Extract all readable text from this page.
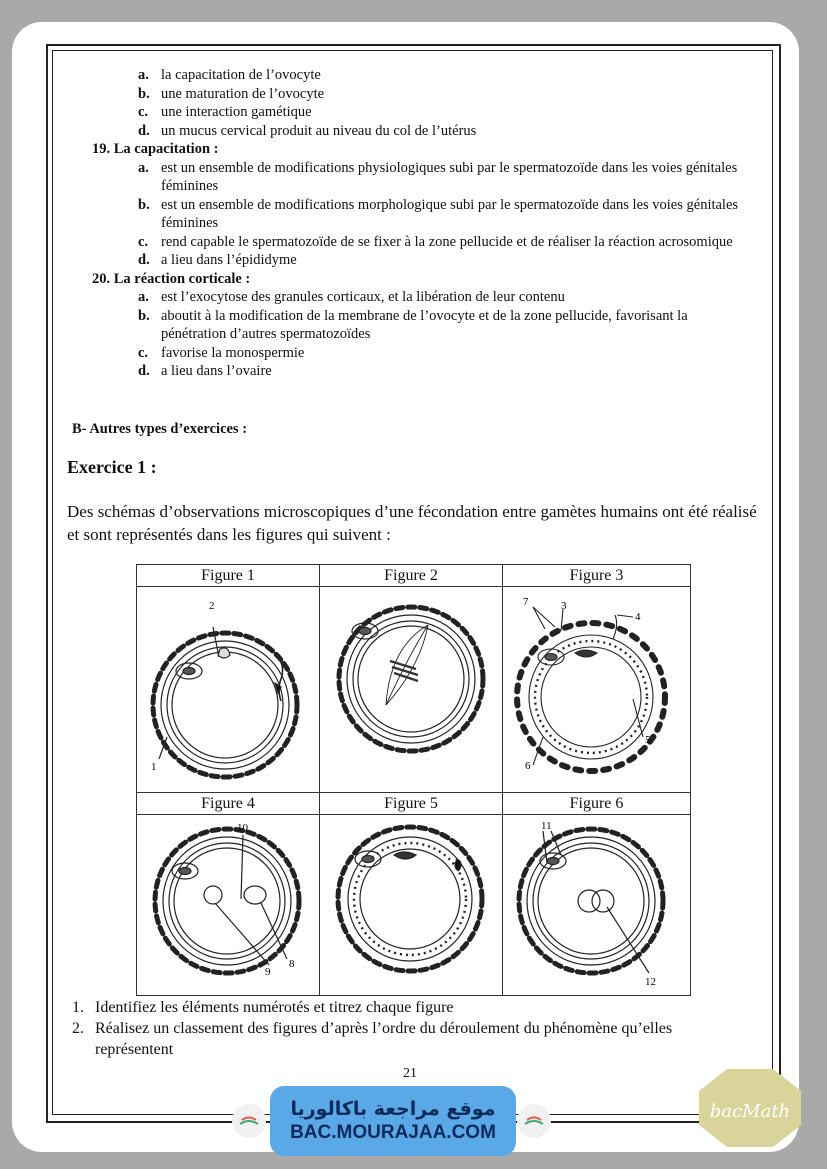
a. la capacitation de l’ovocyte
b. une maturation de l’ovocyte
c. une interaction gamétique
d. un mucus cervical produit au niveau du col de l’utérus
19. La capacitation :
a. est un ensemble de modifications physiologiques subi par le spermatozoïde dans les voies génitales féminines
b. est un ensemble de modifications morphologique subi par le spermatozoïde dans les voies génitales féminines
c. rend capable le spermatozoïde de se fixer à la zone pellucide et de réaliser la réaction acrosomique
d. a lieu dans l’épididyme
20. La réaction corticale :
a. est l’exocytose des granules corticaux, et la libération de leur contenu
b. aboutit à la modification de la membrane de l’ovocyte et de la zone pellucide, favorisant la pénétration d’autres spermatozoïdes
c. favorise la monospermie
d. a lieu dans l’ovaire
B- Autres types d’exercices :
Exercice 1 :
Des schémas d’observations microscopiques d’une fécondation entre gamètes humains ont été réalisé et sont représentés dans les figures qui suivent :
Figure 1	Figure 2	Figure 3

2
1		7 3
4
5
6

Figure 4	Figure 5	Figure 6

10
9
8		11
12
1. Identifiez les éléments numérotés et titrez chaque figure
2. Réalisez un classement des figures d’après l’ordre du déroulement du phénomène qu’elles représentent
21
موقع مراجعة باكالوريا
BAC.MOURAJAA.COM
bacMath
